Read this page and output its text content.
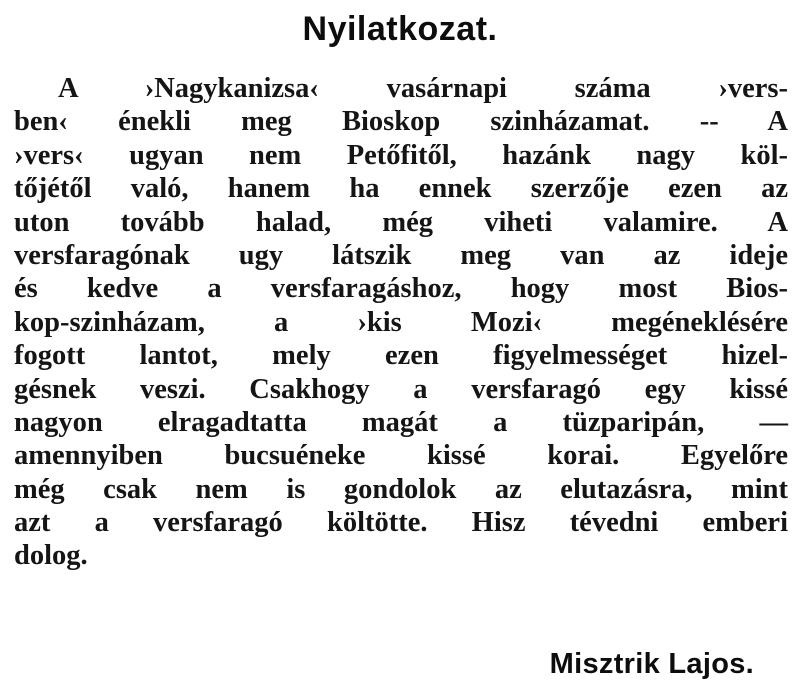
Nyilatkozat.
A ›Nagykanizsa‹ vasárnapi száma ›vers-
ben‹ énekli meg Bioskop szinházamat. -- A
›vers‹ ugyan nem Petőfitől, hazánk nagy köl-
tőjétől való, hanem ha ennek szerzője ezen az
uton tovább halad, még viheti valamire. A
versfaragónak ugy látszik meg van az ideje
és kedve a versfaragáshoz, hogy most Bios-
kop-szinházam, a ›kis Mozi‹ megéneklésére
fogott lantot, mely ezen figyelmességet hizel-
gésnek veszi. Csakhogy a versfaragó egy kissé
nagyon elragadtatta magát a tüzparipán, —
amennyiben bucsuéneke kissé korai. Egyelőre
még csak nem is gondolok az elutazásra, mint
azt a versfaragó költötte. Hisz tévedni emberi
dolog.
Misztrik Lajos.
